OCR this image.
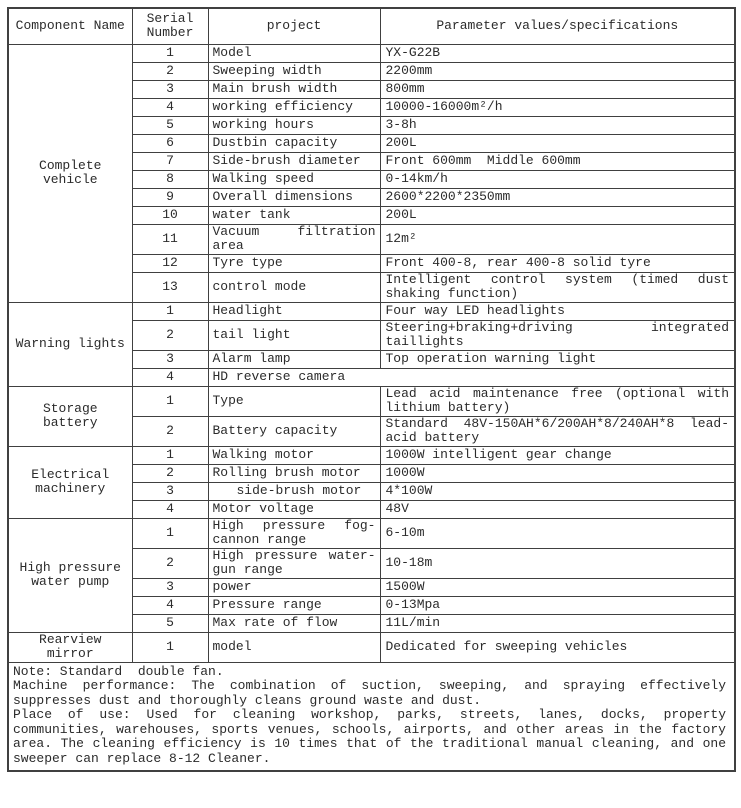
Component Name	Serial Number	project	Parameter values/specifications
Complete vehicle	1	Model	YX-G22B
	2	Sweeping width	2200mm
	3	Main brush width	800mm
	4	working efficiency	10000-16000m²/h
	5	working hours	3-8h
	6	Dustbin capacity	200L
	7	Side-brush diameter	Front 600mm  Middle 600mm
	8	Walking speed	0-14km/h
	9	Overall dimensions	2600*2200*2350mm
	10	water tank	200L
	11	Vacuum filtration area	12m²
	12	Tyre type	Front 400-8, rear 400-8 solid tyre
	13	control mode	Intelligent control system (timed dust shaking function)
Warning lights	1	Headlight	Four way LED headlights
	2	tail light	Steering+braking+driving integrated taillights
	3	Alarm lamp	Top operation warning light
	4	HD reverse camera	
Storage battery	1	Type	Lead acid maintenance free (optional with lithium battery)
	2	Battery capacity	Standard 48V-150AH*6/200AH*8/240AH*8 lead-acid battery
Electrical machinery	1	Walking motor	1000W intelligent gear change
	2	Rolling brush motor	1000W
	3	side-brush motor	4*100W
	4	Motor voltage	48V
High pressure water pump	1	High pressure fog-cannon range	6-10m
	2	High pressure water-gun range	10-18m
	3	power	1500W
	4	Pressure range	0-13Mpa
	5	Max rate of flow	11L/min
Rearview mirror	1	model	Dedicated for sweeping vehicles

Note: Standard  double fan.

Machine performance: The combination of suction, sweeping, and spraying effectively suppresses dust and thoroughly cleans ground waste and dust.

Place of use: Used for cleaning workshop, parks, streets, lanes, docks, property communities, warehouses, sports venues, schools, airports, and other areas in the factory area. The cleaning efficiency is 10 times that of the traditional manual cleaning, and one sweeper can replace 8-12 Cleaner.			
